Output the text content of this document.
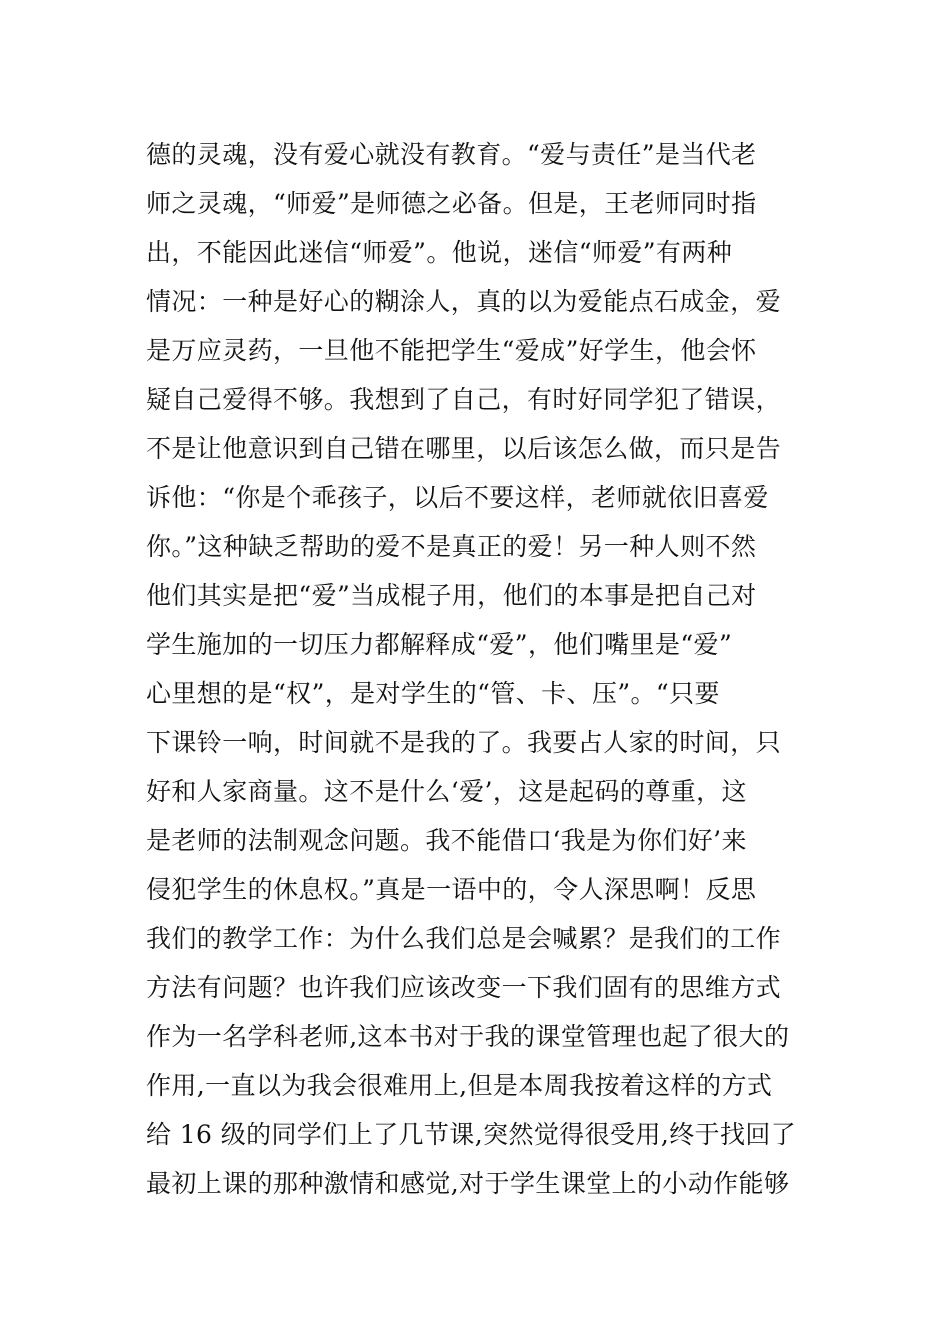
德的灵魂，没有爱心就没有教育。“爱与责任”是当代老
师之灵魂，“师爱”是师德之必备。但是，王老师同时指
出，不能因此迷信“师爱”。他说，迷信“师爱”有两种
情况：一种是好心的糊涂人，真的以为爱能点石成金，爱
是万应灵药，一旦他不能把学生“爱成”好学生，他会怀
疑自己爱得不够。我想到了自己，有时好同学犯了错误，
不是让他意识到自己错在哪里，以后该怎么做，而只是告
诉他：“你是个乖孩子，以后不要这样，老师就依旧喜爱
你。”这种缺乏帮助的爱不是真正的爱！另一种人则不然
他们其实是把“爱”当成棍子用，他们的本事是把自己对
学生施加的一切压力都解释成“爱”，他们嘴里是“爱”
心里想的是“权”，是对学生的“管、卡、压”。“只要
下课铃一响，时间就不是我的了。我要占人家的时间，只
好和人家商量。这不是什么‘爱’，这是起码的尊重，这
是老师的法制观念问题。我不能借口‘我是为你们好’来
侵犯学生的休息权。”真是一语中的，令人深思啊！反思
我们的教学工作：为什么我们总是会喊累？是我们的工作
方法有问题？也许我们应该改变一下我们固有的思维方式
作为一名学科老师,这本书对于我的课堂管理也起了很大的
作用,一直以为我会很难用上,但是本周我按着这样的方式
给 16 级的同学们上了几节课,突然觉得很受用,终于找回了
最初上课的那种激情和感觉,对于学生课堂上的小动作能够
